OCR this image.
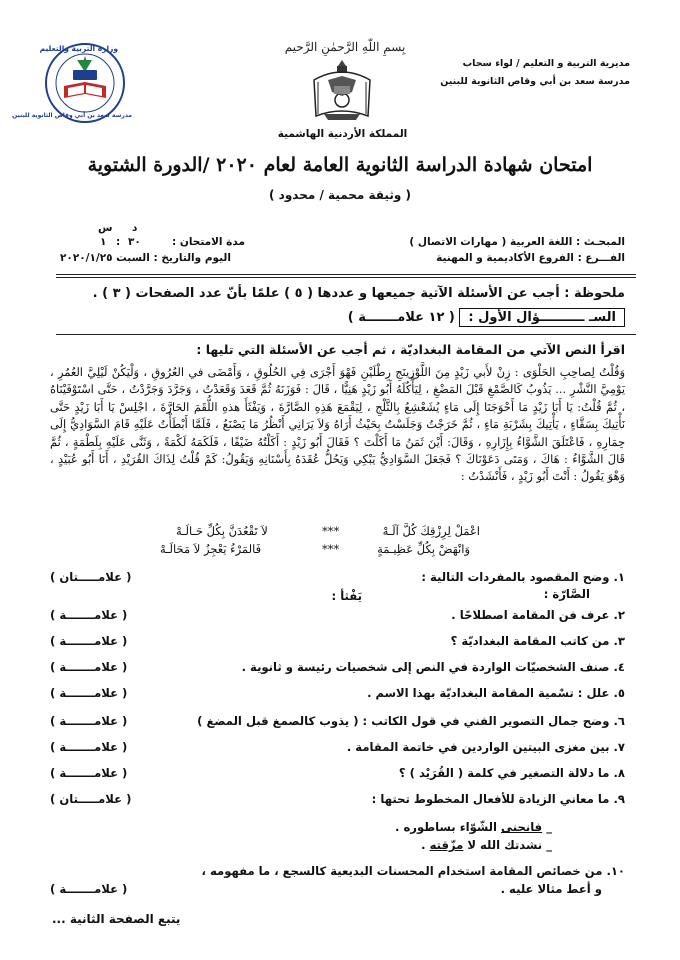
بِسمِ اللّهِ الرَّحمٰنِ الرَّحيم
المملكة الأردنية الهاشمية
مديرية التربية و التعليم / لواء سحاب
مدرسة سعد بن أبي وقاص الثانوية للبنين
وزارة التربية والتعليم
مدرسة سعد بن أبي وقاص الثانوية للبنين
امتحان شهادة الدراسة الثانوية العامة لعام ٢٠٢٠ /الدورة الشتوية
( وثيقة محمية / محدود )
المبحـث : اللغة العربية ( مهارات الاتصال )
الفـــرع : الفروع الأكاديمية و المهنية
مدة الامتحان :
س د
١ : ٣٠
اليوم والتاريخ : السبت ٢٠٢٠/١/٢٥
ملحوظة : أجب عن الأسئلة الآتية جميعها و عددها ( ٥ ) علمًا بأنّ عدد الصفحات ( ٣ ) .
السـ ــــــــــؤال الأول : ( ١٢ علامـــــــة )
اقرأ النص الآتي من المقامة البغداديّة ، ثم أجب عن الأسئلة التي تليها :
وَقُلْتُ لِصاحِبِ الحَلْوَى : زِنْ لأَبي زَيْدٍ مِنَ اللَّوْزِينَجِ رِطْلَيْنِ فَهْوَ أَجْرَى فِي الحُلُوقِ ، وَأَمْضَى في العُرُوقِ ، وَلْيَكُنْ لَيْلِيَّ العُمُرِ ، يَوْمِيَّ النَّشْرِ ... يَذُوبُ كَالصَّمْغِ قَبْلَ المَضْغِ ، لِيَأْكُلَهُ أَبُو زَيْدٍ هَنِيًّا ، قَالَ : فَوَزَنَهُ ثُمَّ قَعَدَ وَقَعَدْتُ ، وَجَرَّدَ وَجَرَّدْتُ ، حَتَّى اسْتَوْفَيْنَاهُ ، ثُمَّ قُلْتُ: يَا أَبَا زَيْدٍ مَا أَحْوَجَنَا إِلَى مَاءٍ يُشَعْشِعُ بِالثَّلْجِ ، لِيَقْمَعَ هَذِهِ الصَّارَّةَ ، وَيَفْثَأَ هذهِ اللُّقَمَ الحَارَّةَ ، اجْلِسْ يَا أَبَا زَيْدٍ حَتَّى نَأْتِيكَ بِسَقَّاءٍ ، يَأْتِيكَ بِشَرْبَةِ مَاءٍ ، ثُمَّ خَرَجْتُ وَجَلَسْتُ بِحَيْثُ أَرَاهُ وَلاَ يَرَانِي أَنْظُرُ مَا يَصْنَعُ ، فَلَمَّا أَبْطَأْتُ عَلَيْهِ قَامَ السَّوَادِيُّ إِلَى حِمَارِهِ ، فَاعْتَلَقَ الشَّوَّاءُ بِإِزَارِهِ ، وَقَالَ: أَيْنَ ثَمَنُ مَا أَكَلْتَ ؟ فَقَالَ أَبُو زَيْدٍ : أَكَلْتُهُ ضَيْفًا ، فَلَكَمَهُ لَكْمَةً ، وَثَنَّى عَلَيْهِ بِلَطْمَةٍ ، ثُمَّ قَالَ الشَّوَّاءُ : هَاكَ ، وَمَتَى دَعَوْنَاكَ ؟ فَجَعَلَ السَّوَادِيُّ يَبْكِي وَيَحُلُّ عُقَدَهُ بِأَسْنَانِهِ وَيَقُولُ: كَمْ قُلْتُ لِذَاكَ القُرَيْدِ ، أَنَا أَبُو عُبَيْدٍ ، وَهْوَ يَقُولُ : أَنْتَ أَبُو زَيْدٍ ، فَأَنْشَدْتُ :
اعْمَلْ لِرِزْقِكَ كُلَّ آلَـهْ
***
لاَ تَقْعُدَنَّ بِكُلِّ حَـالَـهْ
وَانْهَضْ بِكُلِّ عَظِيـمَةٍ
***
فَالمَرْءُ يَعْجِزُ لاَ مَحَالَـهْ
١. وضح المقصود بالمفردات التالية :
( علامـــــتان )
الصَّارّة :
يَفْثأ :
٢. عرف فن المقامة اصطلاحًا .
( علامـــــــة )
٣. من كاتب المقامة البغداديّة ؟
( علامـــــــة )
٤. صنف الشخصيّات الواردة في النص إلى شخصيات رئيسة و ثانوية .
( علامـــــــة )
٥. علل : تسْمية المقامة البغداديّة بهذا الاسم .
( علامـــــــة )
٦. وضح جمال التصوير الفني في قول الكاتب : ( يذوب كالصمغ قبل المضغ )
( علامـــــــة )
٧. بين مغزى البيتين الواردين في خاتمة المقامة .
( علامـــــــة )
٨. ما دلالة التصغير في كلمة ( القُرَيْد ) ؟
( علامـــــــة )
٩. ما معاني الزيادة للأفعال المخطوط تحتها :
( علامـــــتان )
_ فانحنى الشّوّاء بساطوره .
_ نشدتك الله لا مزّقته .
١٠. من خصائص المقامة استخدام المحسنات البديعية كالسجع ، ما مفهومه ،
و أعط مثالا عليه .
( علامـــــــة )
يتبع الصفحة الثانية ...
